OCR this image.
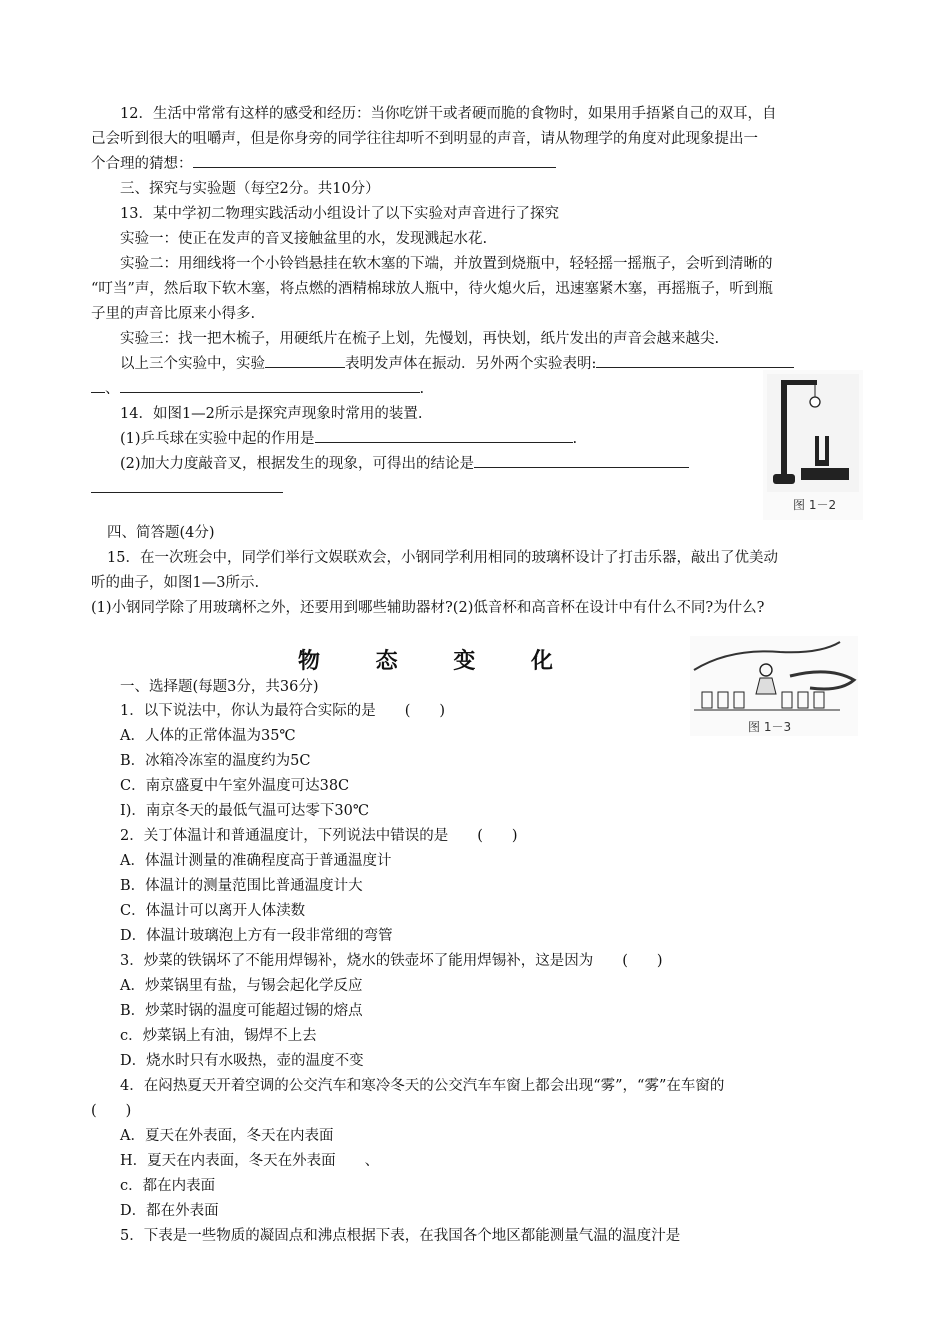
12．生活中常常有这样的感受和经历：当你吃饼干或者硬而脆的食物时，如果用手捂紧自己的双耳，自
己会听到很大的咀嚼声，但是你身旁的同学往往却听不到明显的声音，请从物理学的角度对此现象提出一
个合理的猜想：
三、探究与实验题（每空2分。共10分）
13．某中学初二物理实践活动小组设计了以下实验对声音进行了探究
实验一：使正在发声的音叉接触盆里的水，发现溅起水花.
实验二：用细线将一个小铃铛悬挂在软木塞的下端，并放置到烧瓶中，轻轻摇一摇瓶子，会听到清晰的
“叮当”声，然后取下软木塞，将点燃的酒精棉球放人瓶中，待火熄火后，迅速塞紧木塞，再摇瓶子，听到瓶
子里的声音比原来小得多.
实验三：找一把木梳子，用硬纸片在梳子上划，先慢划，再快划，纸片发出的声音会越来越尖.
以上三个实验中，实验	表明发声体在振动．另外两个实验表明:
、	.
14．如图1—2所示是探究声现象时常用的装置.
(1)乒乓球在实验中起的作用是	.
(2)加大力度敲音叉，根据发生的现象，可得出的结论是
图 1－2
四、简答题(4分)
15．在一次班会中，同学们举行文娱联欢会，小钢同学利用相同的玻璃杯设计了打击乐器，敲出了优美动
听的曲子，如图1—3所示.
(1)小钢同学除了用玻璃杯之外，还要用到哪些辅助器材?(2)低音杯和高音杯在设计中有什么不同?为什么?
图 1－3
物 态 变 化
一、选择题(每题3分，共36分)
1．以下说法中，你认为最符合实际的是　　(　　)
A．人体的正常体温为35℃
B．冰箱冷冻室的温度约为5C
C．南京盛夏中午室外温度可达38C
I)．南京冬天的最低气温可达零下30℃
2．关丁体温计和普通温度计，下列说法中错误的是　　(　　)
A．体温计测量的准确程度高于普通温度计
B．体温计的测量范围比普通温度计大
C．体温计可以离开人体渎数
D．体温计玻璃泡上方有一段非常细的弯管
3．炒菜的铁锅坏了不能用焊锡补，烧水的铁壶坏了能用焊锡补，这是因为　　(　　)
A．炒菜锅里有盐，与锡会起化学反应
B．炒菜时锅的温度可能超过锡的熔点
c．炒菜锅上有油，锡焊不上去
D．烧水时只有水吸热，壶的温度不变
4．在闷热夏天开着空调的公交汽车和寒冷冬天的公交汽车车窗上都会出现“雾”，“雾”在车窗的
(　　)
A．夏天在外表面，冬天在内表面
H．夏天在内表面，冬天在外表面　　、
c．都在内表面
D．都在外表面
5．下表是一些物质的凝固点和沸点根据下表，在我国各个地区都能测量气温的温度汁是
